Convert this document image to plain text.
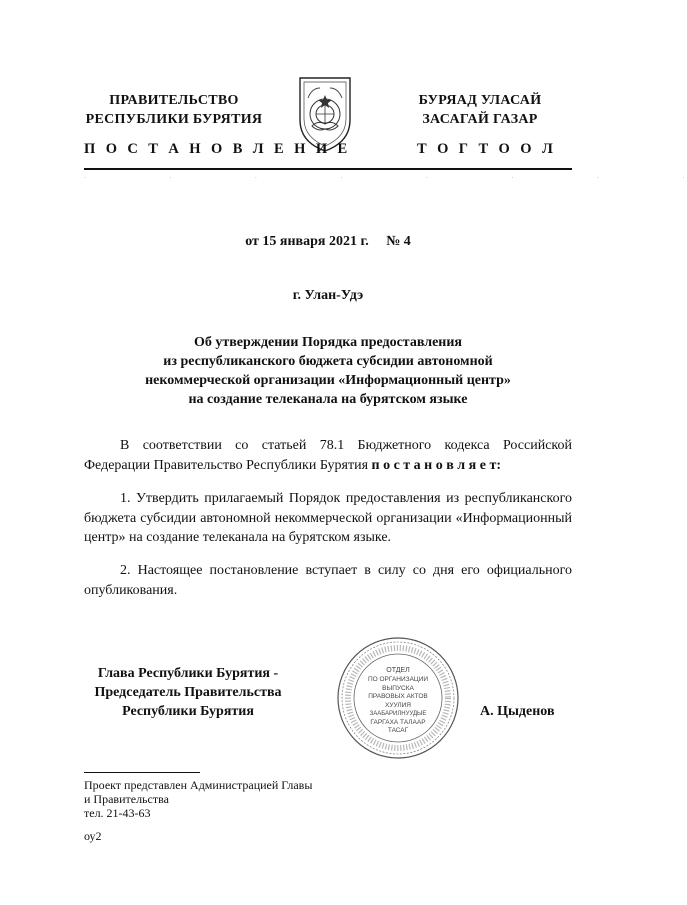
ПРАВИТЕЛЬСТВО
РЕСПУБЛИКИ БУРЯТИЯ
БУРЯАД УЛАСАЙ
ЗАСАГАЙ ГАЗАР
П О С Т А Н О В Л Е Н И Е	Т О Г Т О О Л
.                 .                 .                 .                 .                 .                 .                 .
от 15 января 2021 г. № 4
г. Улан-Удэ
Об утверждении Порядка предоставления
из республиканского бюджета субсидии автономной
некоммерческой организации «Информационный центр»
на создание телеканала на бурятском языке
В соответствии со статьей 78.1 Бюджетного кодекса Российской Федерации Правительство Республики Бурятия п о с т а н о в л я е т:
1. Утвердить прилагаемый Порядок предоставления из республиканского бюджета субсидии автономной некоммерческой организации «Информационный центр» на создание телеканала на бурятском языке.
2. Настоящее постановление вступает в силу со дня его официального опубликования.
Глава Республики Бурятия -
Председатель Правительства
Республики Бурятия
ОТДЕЛ
ПО ОРГАНИЗАЦИИ
ВЫПУСКА
ПРАВОВЫХ АКТОВ
ХУУЛИЯ
ЗААБАРИЛНУУДЫЕ
ГАРГАХА ТАЛААР
ТАСАГ
А. Цыденов
Проект представлен Администрацией Главы
и Правительства
тел. 21-43-63
оу2
